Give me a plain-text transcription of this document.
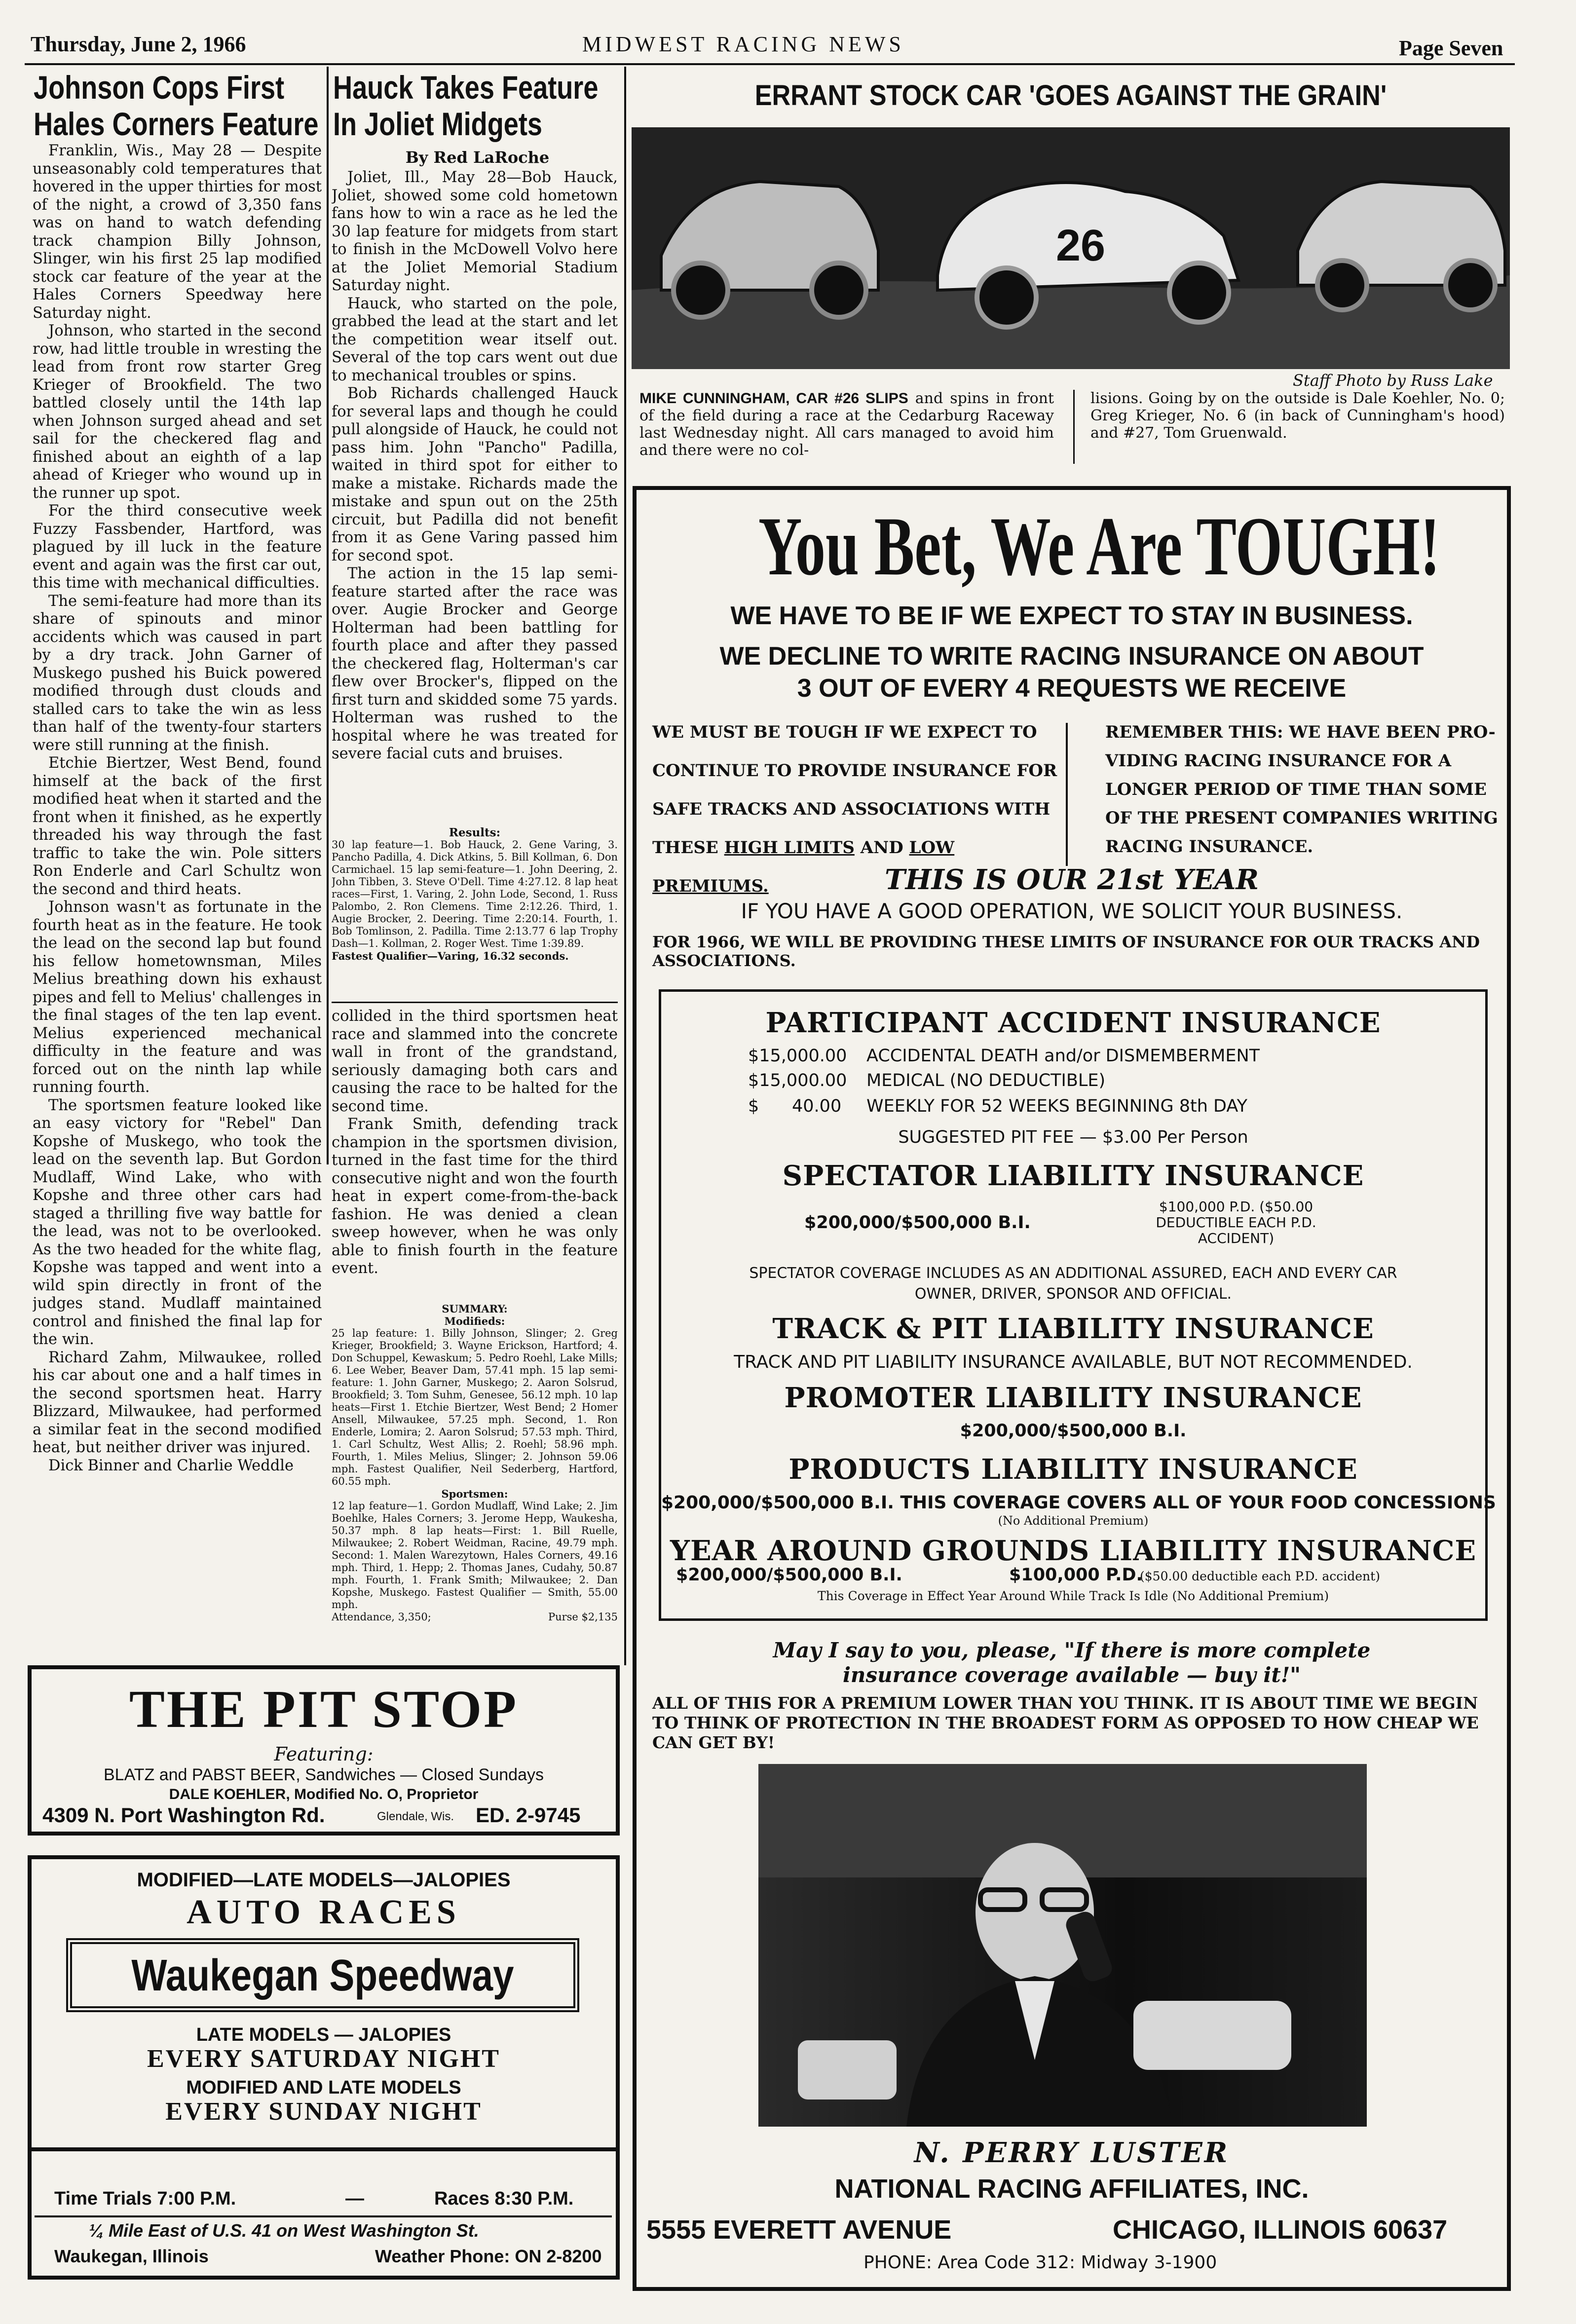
Thursday, June 2, 1966	MIDWEST RACING NEWS	Page Seven
Johnson Cops First
Hales Corners Feature

Franklin, Wis., May 28 — Despite unseasonably cold temperatures that hovered in the upper thirties for most of the night, a crowd of 3,350 fans was on hand to watch defending track champion Billy Johnson, Slinger, win his first 25 lap modified stock car feature of the year at the Hales Corners Speedway here Saturday night.

Johnson, who started in the second row, had little trouble in wresting the lead from front row starter Greg Krieger of Brookfield. The two battled closely until the 14th lap when Johnson surged ahead and set sail for the checkered flag and finished about an eighth of a lap ahead of Krieger who wound up in the runner up spot.

For the third consecutive week Fuzzy Fassbender, Hartford, was plagued by ill luck in the feature event and again was the first car out, this time with mechanical difficulties.

The semi-feature had more than its share of spinouts and minor accidents which was caused in part by a dry track. John Garner of Muskego pushed his Buick powered modified through dust clouds and stalled cars to take the win as less than half of the twenty-four starters were still running at the finish.

Etchie Biertzer, West Bend, found himself at the back of the first modified heat when it started and the front when it finished, as he expertly threaded his way through the fast traffic to take the win. Pole sitters Ron Enderle and Carl Schultz won the second and third heats.

Johnson wasn't as fortunate in the fourth heat as in the feature. He took the lead on the second lap but found his fellow hometownsman, Miles Melius breathing down his exhaust pipes and fell to Melius' challenges in the final stages of the ten lap event. Melius experienced mechanical difficulty in the feature and was forced out on the ninth lap while running fourth.

The sportsmen feature looked like an easy victory for "Rebel" Dan Kopshe of Muskego, who took the lead on the seventh lap. But Gordon Mudlaff, Wind Lake, who with Kopshe and three other cars had staged a thrilling five way battle for the lead, was not to be overlooked. As the two headed for the white flag, Kopshe was tapped and went into a wild spin directly in front of the judges stand. Mudlaff maintained control and finished the final lap for the win.

Richard Zahm, Milwaukee, rolled his car about one and a half times in the second sportsmen heat. Harry Blizzard, Milwaukee, had performed a similar feat in the second modified heat, but neither driver was injured.

Dick Binner and Charlie Weddle

Hauck Takes Feature
In Joliet Midgets
By Red LaRoche

Joliet, Ill., May 28—Bob Hauck, Joliet, showed some cold hometown fans how to win a race as he led the 30 lap feature for midgets from start to finish in the McDowell Volvo here at the Joliet Memorial Stadium Saturday night.

Hauck, who started on the pole, grabbed the lead at the start and let the competition wear itself out. Several of the top cars went out due to mechanical troubles or spins.

Bob Richards challenged Hauck for several laps and though he could pull alongside of Hauck, he could not pass him. John "Pancho" Padilla, waited in third spot for either to make a mistake. Richards made the mistake and spun out on the 25th circuit, but Padilla did not benefit from it as Gene Varing passed him for second spot.

The action in the 15 lap semi-feature started after the race was over. Augie Brocker and George Holterman had been battling for fourth place and after they passed the checkered flag, Holterman's car flew over Brocker's, flipped on the first turn and skidded some 75 yards. Holterman was rushed to the hospital where he was treated for severe facial cuts and bruises.

Results:

30 lap feature—1. Bob Hauck, 2. Gene Varing, 3. Pancho Padilla, 4. Dick Atkins, 5. Bill Kollman, 6. Don Carmichael. 15 lap semi-feature—1. John Deering, 2. John Tibben, 3. Steve O'Dell. Time 4:27.12. 8 lap heat races—First, 1. Varing, 2. John Lode, Second, 1. Russ Palombo, 2. Ron Clemens. Time 2:12.26. Third, 1. Augie Brocker, 2. Deering. Time 2:20:14. Fourth, 1. Bob Tomlinson, 2. Padilla. Time 2:13.77 6 lap Trophy Dash—1. Kollman, 2. Roger West. Time 1:39.89.

Fastest Qualifier—Varing, 16.32 seconds.

collided in the third sportsmen heat race and slammed into the concrete wall in front of the grandstand, seriously damaging both cars and causing the race to be halted for the second time.

Frank Smith, defending track champion in the sportsmen division, turned in the fast time for the third consecutive night and won the fourth heat in expert come-from-the-back fashion. He was denied a clean sweep however, when he was only able to finish fourth in the feature event.

SUMMARY:
Modifieds:

25 lap feature: 1. Billy Johnson, Slinger; 2. Greg Krieger, Brookfield; 3. Wayne Erickson, Hartford; 4. Don Schuppel, Kewaskum; 5. Pedro Roehl, Lake Mills; 6. Lee Weber, Beaver Dam, 57.41 mph. 15 lap semi-feature: 1. John Garner, Muskego; 2. Aaron Solsrud, Brookfield; 3. Tom Suhm, Genesee, 56.12 mph. 10 lap heats—First 1. Etchie Biertzer, West Bend; 2 Homer Ansell, Milwaukee, 57.25 mph. Second, 1. Ron Enderle, Lomira; 2. Aaron Solsrud; 57.53 mph. Third, 1. Carl Schultz, West Allis; 2. Roehl; 58.96 mph. Fourth, 1. Miles Melius, Slinger; 2. Johnson 59.06 mph. Fastest Qualifier, Neil Sederberg, Hartford, 60.55 mph.

Sportsmen:

12 lap feature—1. Gordon Mudlaff, Wind Lake; 2. Jim Boehlke, Hales Corners; 3. Jerome Hepp, Waukesha, 50.37 mph. 8 lap heats—First: 1. Bill Ruelle, Milwaukee; 2. Robert Weidman, Racine, 49.79 mph. Second: 1. Malen Warezytown, Hales Corners, 49.16 mph. Third, 1. Hepp; 2. Thomas Janes, Cudahy, 50.87 mph. Fourth, 1. Frank Smith; Milwaukee; 2. Dan Kopshe, Muskego. Fastest Qualifier — Smith, 55.00 mph.

Attendance, 3,350;	Purse $2,135
THE PIT STOP
Featuring:
BLATZ and PABST BEER, Sandwiches — Closed Sundays
DALE KOEHLER, Modified No. O, Proprietor
4309 N. Port Washington Rd.	Glendale, Wis. ED. 2-9745
MODIFIED—LATE MODELS—JALOPIES
AUTO RACES
Waukegan Speedway
LATE MODELS — JALOPIES
EVERY SATURDAY NIGHT
MODIFIED AND LATE MODELS
EVERY SUNDAY NIGHT
Time Trials 7:00 P.M.	—	Races 8:30 P.M.
¼ Mile East of U.S. 41 on West Washington St.
Waukegan, Illinois	Weather Phone: ON 2-8200
ERRANT STOCK CAR 'GOES AGAINST THE GRAIN'
26
Staff Photo by Russ Lake

MIKE CUNNINGHAM, CAR #26 SLIPS and spins in front of the field during a race at the Cedarburg Raceway last Wednesday night. All cars managed to avoid him and there were no col-

lisions. Going by on the outside is Dale Koehler, No. 0; Greg Krieger, No. 6 (in back of Cunningham's hood) and #27, Tom Gruenwald.
You Bet, We Are TOUGH!
WE HAVE TO BE IF WE EXPECT TO STAY IN BUSINESS.
WE DECLINE TO WRITE RACING INSURANCE ON ABOUT
3 OUT OF EVERY 4 REQUESTS WE RECEIVE
WE MUST BE TOUGH IF WE EXPECT TO
CONTINUE TO PROVIDE INSURANCE FOR
SAFE TRACKS AND ASSOCIATIONS WITH
THESE HIGH LIMITS AND LOW PREMIUMS.
REMEMBER THIS: WE HAVE BEEN PRO-
VIDING RACING INSURANCE FOR A
LONGER PERIOD OF TIME THAN SOME
OF THE PRESENT COMPANIES WRITING
RACING INSURANCE.
THIS IS OUR 21st YEAR
IF YOU HAVE A GOOD OPERATION, WE SOLICIT YOUR BUSINESS.
FOR 1966, WE WILL BE PROVIDING THESE LIMITS OF INSURANCE FOR OUR TRACKS AND
ASSOCIATIONS.
PARTICIPANT ACCIDENT INSURANCE
$15,000.00 ACCIDENTAL DEATH and/or DISMEMBERMENT
$15,000.00 MEDICAL (NO DEDUCTIBLE)
$      40.00 WEEKLY FOR 52 WEEKS BEGINNING 8th DAY
SUGGESTED PIT FEE — $3.00 Per Person
SPECTATOR LIABILITY INSURANCE
$200,000/$500,000 B.I.
$100,000 P.D. ($50.00
DEDUCTIBLE EACH P.D.
ACCIDENT)
SPECTATOR COVERAGE INCLUDES AS AN ADDITIONAL ASSURED, EACH AND EVERY CAR
OWNER, DRIVER, SPONSOR AND OFFICIAL.
TRACK & PIT LIABILITY INSURANCE
TRACK AND PIT LIABILITY INSURANCE AVAILABLE, BUT NOT RECOMMENDED.
PROMOTER LIABILITY INSURANCE
$200,000/$500,000 B.I.
PRODUCTS LIABILITY INSURANCE
$200,000/$500,000 B.I. THIS COVERAGE COVERS ALL OF YOUR FOOD CONCESSIONS
(No Additional Premium)
YEAR AROUND GROUNDS LIABILITY INSURANCE
$200,000/$500,000 B.I.	$100,000 P.D.
($50.00 deductible each P.D. accident)
This Coverage in Effect Year Around While Track Is Idle (No Additional Premium)
May I say to you, please, "If there is more complete
insurance coverage available — buy it!"
ALL OF THIS FOR A PREMIUM LOWER THAN YOU THINK. IT IS ABOUT TIME WE BEGIN
TO THINK OF PROTECTION IN THE BROADEST FORM AS OPPOSED TO HOW CHEAP WE
CAN GET BY!
N. PERRY LUSTER
NATIONAL RACING AFFILIATES, INC.
5555 EVERETT AVENUE	CHICAGO, ILLINOIS 60637
PHONE: Area Code 312: Midway 3-1900
